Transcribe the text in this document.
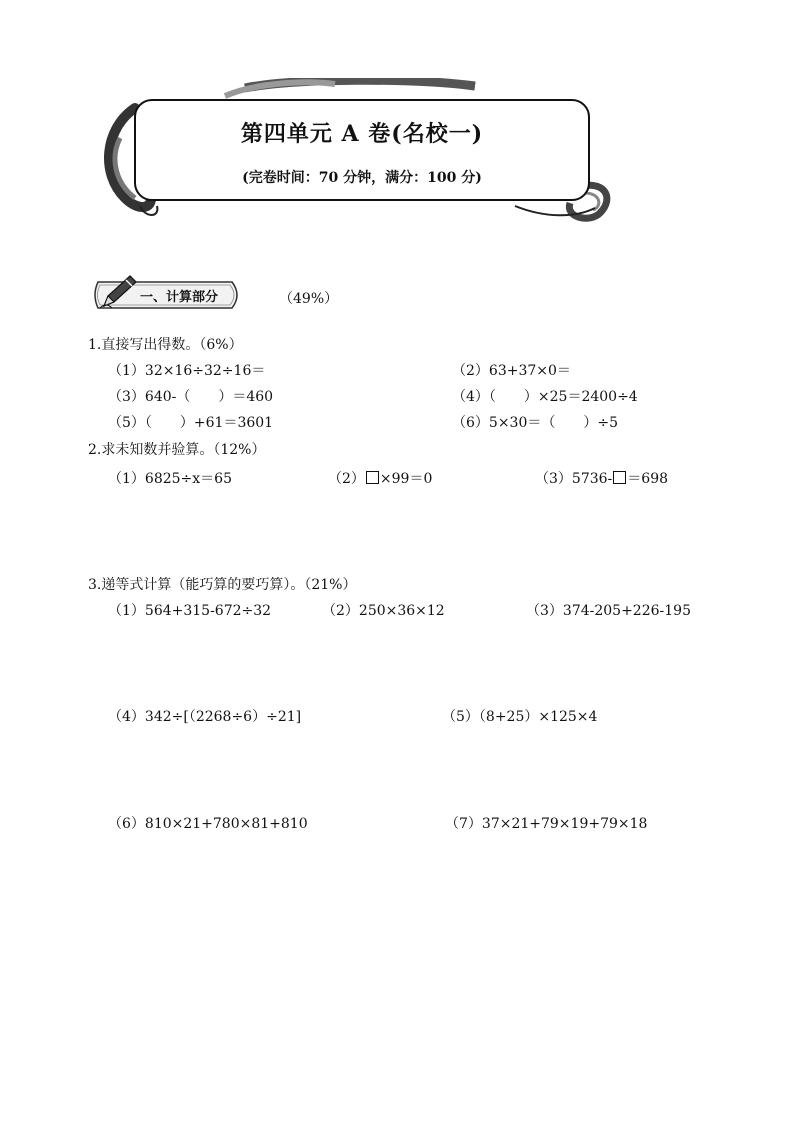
第四单元 A 卷(名校一)
(完卷时间：70 分钟，满分：100 分)
一、计算部分	（49%）
1.直接写出得数。（6%）
（1）32×16÷32÷16＝	（2）63+37×0＝
（3）640-（　　）＝460	（4）（　　）×25＝2400÷4
（5）（　　）+61＝3601	（6）5×30＝（　　）÷5
2.求未知数并验算。（12%）
（1）6825÷x＝65	（2） ×99＝0	（3）5736- ＝698
3.递等式计算（能巧算的要巧算）。（21%）
（1）564+315-672÷32	（2）250×36×12	（3）374-205+226-195
（4）342÷[（2268÷6）÷21]	（5）（8+25）×125×4
（6）810×21+780×81+810	（7）37×21+79×19+79×18
